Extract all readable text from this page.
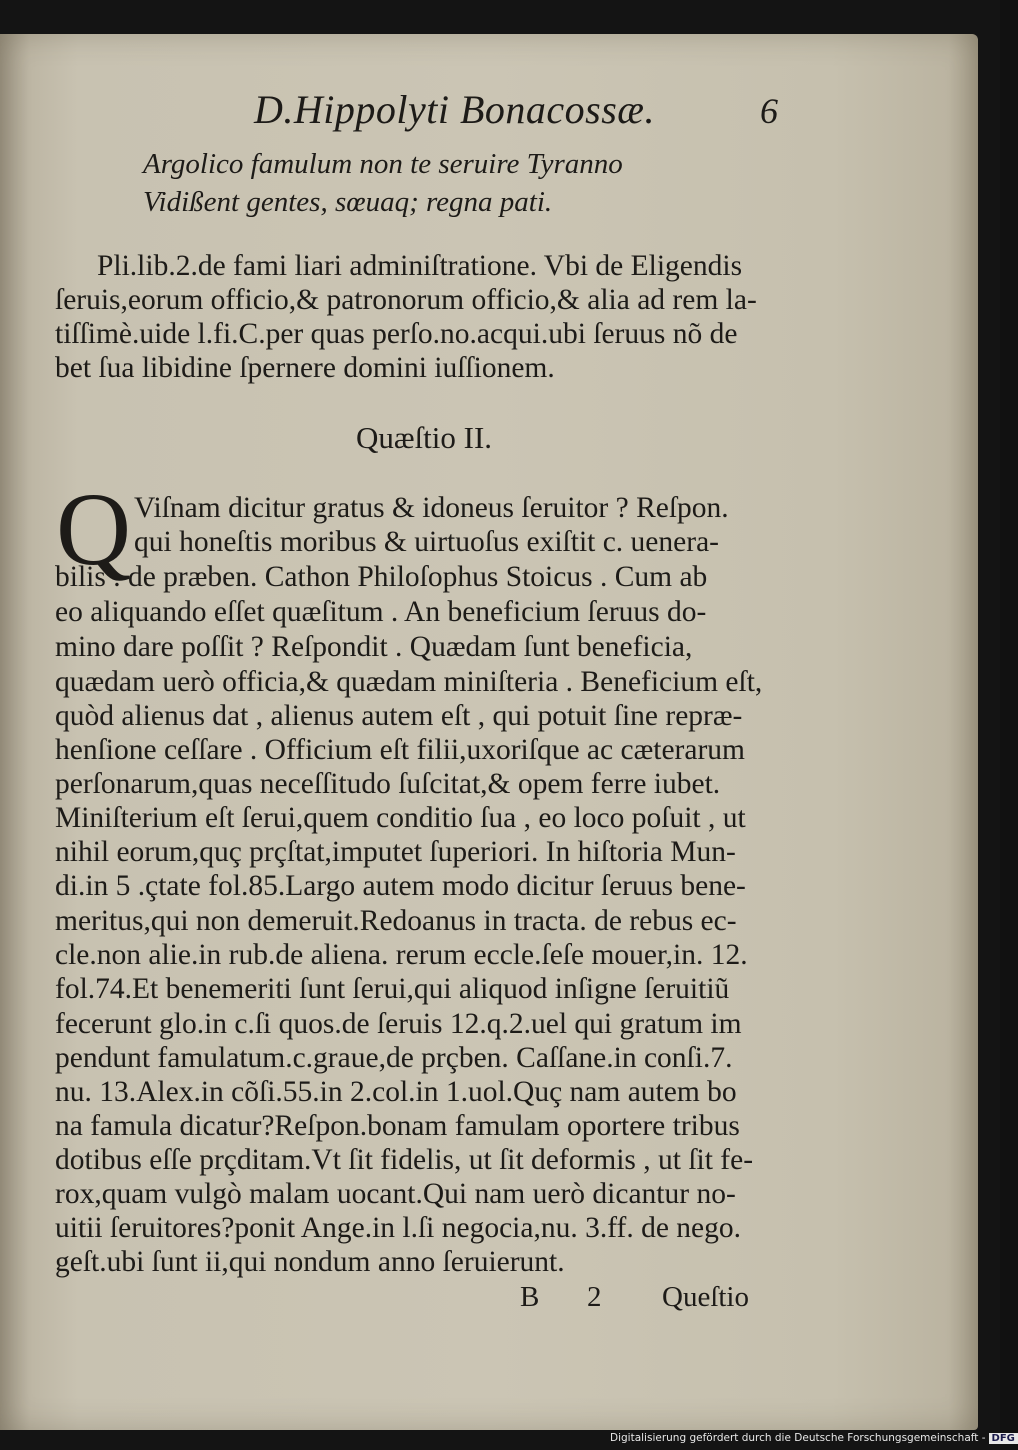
D.Hippolyti Bonacossæ.	6
Argolico famulum non te seruire Tyranno
Vidißent gentes, sœuaq; regna pati.
Pli.lib.2.de fami liari adminiſtratione. Vbi de Eligendis
ſeruis,eorum officio,& patronorum officio,& alia ad rem la-
tiſſimè.uide l.fi.C.per quas perſo.no.acqui.ubi ſeruus nõ de
bet ſua libidine ſpernere domini iuſſionem.
Quæſtio II.
Q Viſnam dicitur gratus & idoneus ſeruitor ? Reſpon.
qui honeſtis moribus & uirtuoſus exiſtit c. uenera-
bilis . de præben. Cathon Philoſophus Stoicus . Cum ab
eo aliquando eſſet quæſitum . An beneficium ſeruus do-
mino dare poſſit ? Reſpondit . Quædam ſunt beneficia,
quædam uerò officia,& quædam miniſteria . Beneficium eſt,
quòd alienus dat , alienus autem eſt , qui potuit ſine repræ-
henſione ceſſare . Officium eſt filii,uxoriſque ac cæterarum
perſonarum,quas neceſſitudo ſuſcitat,& opem ferre iubet.
Miniſterium eſt ſerui,quem conditio ſua , eo loco poſuit , ut
nihil eorum,quç prçſtat,imputet ſuperiori. In hiſtoria Mun-
di.in 5 .çtate fol.85.Largo autem modo dicitur ſeruus bene-
meritus,qui non demeruit.Redoanus in tracta. de rebus ec-
cle.non alie.in rub.de aliena. rerum eccle.ſeſe mouer,in. 12.
fol.74.Et benemeriti ſunt ſerui,qui aliquod inſigne ſeruitiũ
fecerunt glo.in c.ſi quos.de ſeruis 12.q.2.uel qui gratum im
pendunt famulatum.c.graue,de prçben. Caſſane.in conſi.7.
nu. 13.Alex.in cõſi.55.in 2.col.in 1.uol.Quç nam autem bo
na famula dicatur?Reſpon.bonam famulam oportere tribus
dotibus eſſe prçditam.Vt ſit fidelis, ut ſit deformis , ut ſit fe-
rox,quam vulgò malam uocant.Qui nam uerò dicantur no-
uitii ſeruitores?ponit Ange.in l.ſi negocia,nu. 3.ff. de nego.
geſt.ubi ſunt ii,qui nondum anno ſeruierunt.
B 2 Queſtio
Digitalisierung gefördert durch die Deutsche Forschungsgemeinschaft - DFG
